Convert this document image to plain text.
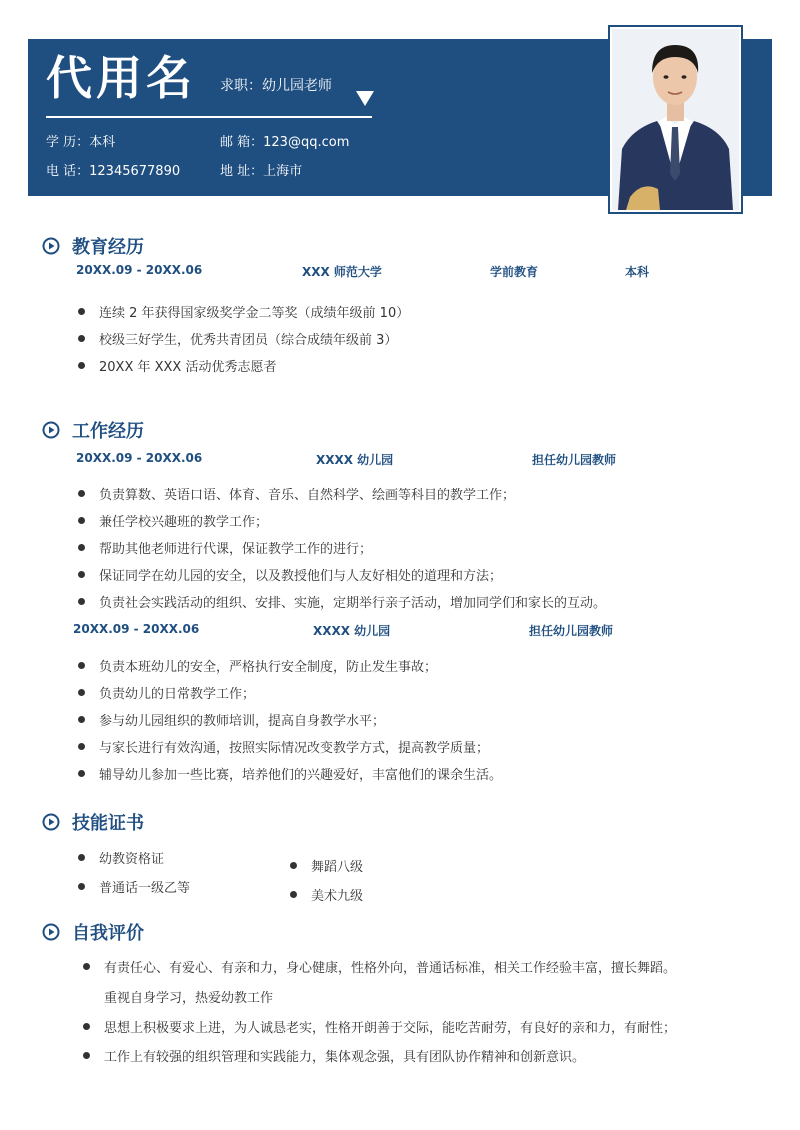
代用名 求职：幼儿园老师
学 历：本科
电 话：12345677890
邮 箱：123@qq.com
地 址：上海市
教育经历
20XX.09 - 20XX.06	XXX 师范大学	学前教育	本科
连续 2 年获得国家级奖学金二等奖（成绩年级前 10）
校级三好学生，优秀共青团员（综合成绩年级前 3）
20XX 年 XXX 活动优秀志愿者
工作经历
20XX.09 - 20XX.06	XXXX 幼儿园	担任幼儿园教师
负责算数、英语口语、体育、音乐、自然科学、绘画等科目的教学工作；
兼任学校兴趣班的教学工作；
帮助其他老师进行代课，保证教学工作的进行；
保证同学在幼儿园的安全，以及教授他们与人友好相处的道理和方法；
负责社会实践活动的组织、安排、实施，定期举行亲子活动，增加同学们和家长的互动。
20XX.09 - 20XX.06	XXXX 幼儿园	担任幼儿园教师
负责本班幼儿的安全，严格执行安全制度，防止发生事故；
负责幼儿的日常教学工作；
参与幼儿园组织的教师培训，提高自身教学水平；
与家长进行有效沟通，按照实际情况改变教学方式，提高教学质量；
辅导幼儿参加一些比赛，培养他们的兴趣爱好，丰富他们的课余生活。
技能证书
幼教资格证
普通话一级乙等
舞蹈八级
美术九级
自我评价
有责任心、有爱心、有亲和力，身心健康，性格外向，普通话标准，相关工作经验丰富，擅长舞蹈。
重视自身学习，热爱幼教工作
思想上积极要求上进，为人诚恳老实，性格开朗善于交际，能吃苦耐劳，有良好的亲和力，有耐性；
工作上有较强的组织管理和实践能力，集体观念强，具有团队协作精神和创新意识。
